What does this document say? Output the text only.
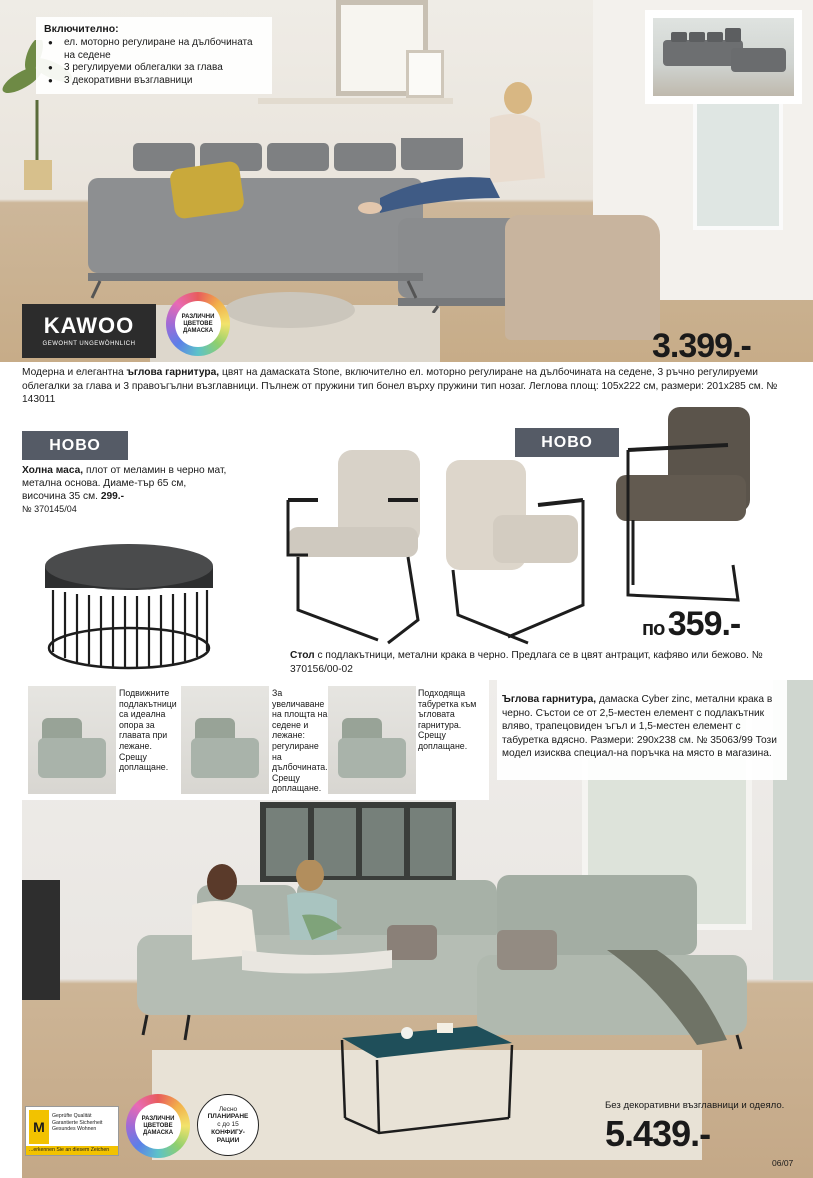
Включително:
● ел. моторно регулиране на дълбочината на седене
● 3 регулируеми облегалки за глава
● 3 декоративни възглавници
KAWOO
GEWOHNT UNGEWÖHNLICH
РАЗЛИЧНИ
ЦВЕТОВЕ
ДАМАСКА	3.399.-
Модерна и елегантна ъглова гарнитура, цвят на дамаската Stone, включително ел. моторно регулиране на дълбочината на седене, 3 ръчно регулируеми облегалки за глава и 3 правоъгълни възглавници. Пълнеж от пружини тип бонел върху пружини тип нозаг. Леглова площ: 105x222 см, размери: 201x285 см. № 143011
НОВО
Холна маса, плот от меламин в черно мат, метална основа. Диаме-тър 65 см, височина 35 см. 299.-
№ 370145/04
НОВО
по 359.-
Стол с подлакътници, метални крака в черно. Предлага се в цвят антрацит, кафяво или бежово. № 370156/00-02
Подвижните подлакътници са идеална опора за главата при лежане. Срещу доплащане.
За увеличаване на площта на седене и лежане: регулиране на дълбочината. Срещу доплащане.
Подходяща табуретка към ъгловата гарнитура. Срещу доплащане.
Ъглова гарнитура, дамаска Cyber zinc, метални крака в черно. Състои се от 2,5-местен елемент с подлакътник вляво, трапецовиден ъгъл и 1,5-местен елемент с табуретка вдясно. Размери: 290x238 см. № 35063/99 Този модел изисква специал-на поръчка на място в магазина.
M
Geprüfte Qualität
Garantierte Sicherheit
Gesundes Wohnen
...erkennen Sie an diesem Zeichen
РАЗЛИЧНИ
ЦВЕТОВЕ
ДАМАСКА
Лесно
ПЛАНИРАНЕ
с до 15
КОНФИГУ-
РАЦИИ
Без декоративни възглавници и одеяло.
5.439.-
06/07
